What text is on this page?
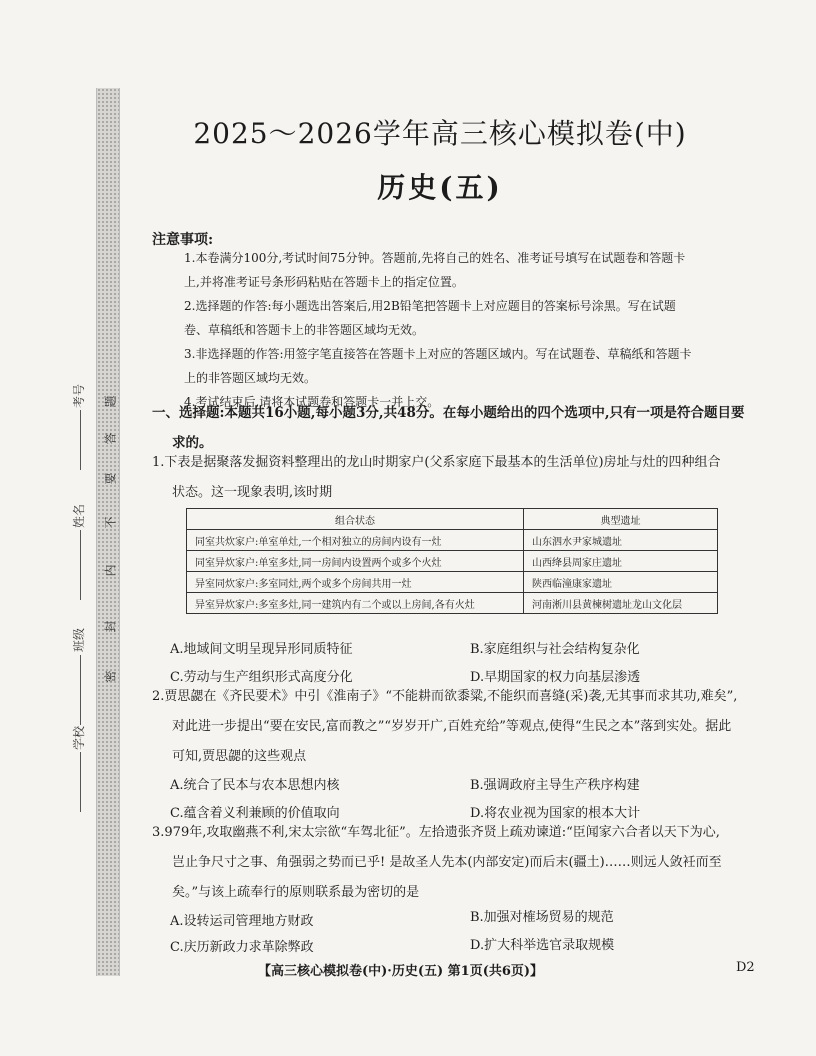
考号
姓名
班级
学校
密
封
内
不
要
答
题
2025～2026学年高三核心模拟卷(中)
历史(五)
注意事项:

1.本卷满分100分,考试时间75分钟。答题前,先将自己的姓名、准考证号填写在试题卷和答题卡

上,并将准考证号条形码粘贴在答题卡上的指定位置。

2.选择题的作答:每小题选出答案后,用2B铅笔把答题卡上对应题目的答案标号涂黑。写在试题

卷、草稿纸和答题卡上的非答题区域均无效。

3.非选择题的作答:用签字笔直接答在答题卡上对应的答题区域内。写在试题卷、草稿纸和答题卡

上的非答题区域均无效。

4.考试结束后,请将本试题卷和答题卡一并上交。

一、选择题:本题共16小题,每小题3分,共48分。在每小题给出的四个选项中,只有一项是符合题目要

求的。

1.下表是据聚落发掘资料整理出的龙山时期家户(父系家庭下最基本的生活单位)房址与灶的四种组合

状态。这一现象表明,该时期

组合状态	典型遗址
同室共炊家户:单室单灶,一个相对独立的房间内设有一灶	山东泗水尹家城遗址
同室异炊家户:单室多灶,同一房间内设置两个或多个火灶	山西绛县周家庄遗址
异室同炊家户:多室同灶,两个或多个房间共用一灶	陕西临潼康家遗址
异室异炊家户:多室多灶,同一建筑内有二个或以上房间,各有火灶	河南淅川县黄楝树遗址龙山文化层
A.地域间文明呈现异形同质特征	B.家庭组织与社会结构复杂化
C.劳动与生产组织形式高度分化	D.早期国家的权力向基层渗透

2.贾思勰在《齐民要术》中引《淮南子》“不能耕而欲黍粱,不能织而喜缝(采)袭,无其事而求其功,难矣”,

对此进一步提出“要在安民,富而教之”“岁岁开广,百姓充给”等观点,使得“生民之本”落到实处。据此

可知,贾思勰的这些观点

A.统合了民本与农本思想内核	B.强调政府主导生产秩序构建
C.蕴含着义利兼顾的价值取向	D.将农业视为国家的根本大计

3.979年,攻取幽燕不利,宋太宗欲“车驾北征”。左拾遗张齐贤上疏劝谏道:“臣闻家六合者以天下为心,

岂止争尺寸之事、角强弱之势而已乎! 是故圣人先本(内部安定)而后末(疆土)……则远人敛衽而至

矣。”与该上疏奉行的原则联系最为密切的是

A.设转运司管理地方财政	B.加强对榷场贸易的规范
C.庆历新政力求革除弊政	D.扩大科举选官录取规模
【高三核心模拟卷(中)·历史(五) 第1页(共6页)】	D2
